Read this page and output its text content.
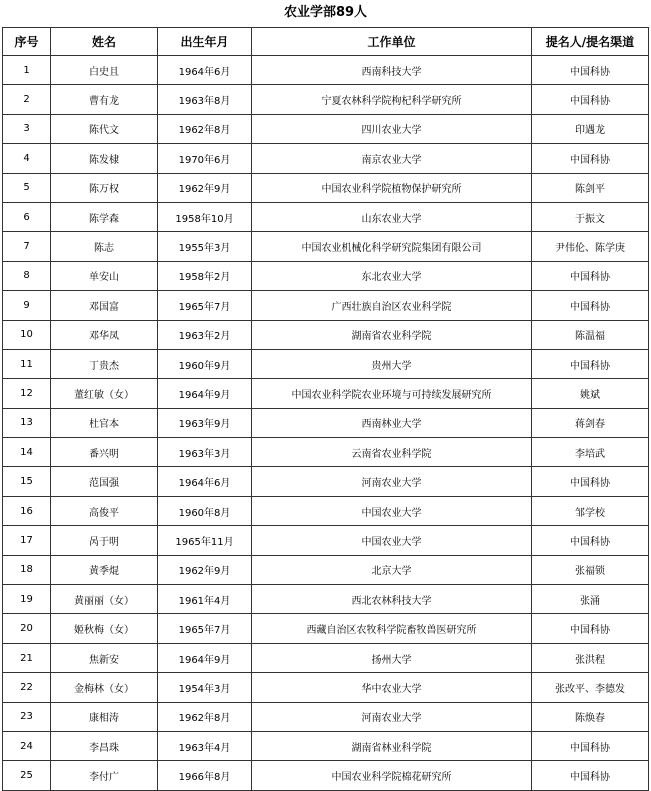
农业学部89人
序号	姓名	出生年月	工作单位	提名人/提名渠道
1	白史且	1964年6月	西南科技大学	中国科协
2	曹有龙	1963年8月	宁夏农林科学院枸杞科学研究所	中国科协
3	陈代文	1962年8月	四川农业大学	印遇龙
4	陈发棣	1970年6月	南京农业大学	中国科协
5	陈万权	1962年9月	中国农业科学院植物保护研究所	陈剑平
6	陈学森	1958年10月	山东农业大学	于振文
7	陈志	1955年3月	中国农业机械化科学研究院集团有限公司	尹伟伦、陈学庚
8	单安山	1958年2月	东北农业大学	中国科协
9	邓国富	1965年7月	广西壮族自治区农业科学院	中国科协
10	邓华凤	1963年2月	湖南省农业科学院	陈温福
11	丁贵杰	1960年9月	贵州大学	中国科协
12	董红敏（女）	1964年9月	中国农业科学院农业环境与可持续发展研究所	姚斌
13	杜官本	1963年9月	西南林业大学	蒋剑春
14	番兴明	1963年3月	云南省农业科学院	李培武
15	范国强	1964年6月	河南农业大学	中国科协
16	高俊平	1960年8月	中国农业大学	邹学校
17	呙于明	1965年11月	中国农业大学	中国科协
18	黄季焜	1962年9月	北京大学	张福锁
19	黄丽丽（女）	1961年4月	西北农林科技大学	张涌
20	姬秋梅（女）	1965年7月	西藏自治区农牧科学院畜牧兽医研究所	中国科协
21	焦新安	1964年9月	扬州大学	张洪程
22	金梅林（女）	1954年3月	华中农业大学	张改平、李德发
23	康相涛	1962年8月	河南农业大学	陈焕春
24	李昌珠	1963年4月	湖南省林业科学院	中国科协
25	李付广	1966年8月	中国农业科学院棉花研究所	中国科协
